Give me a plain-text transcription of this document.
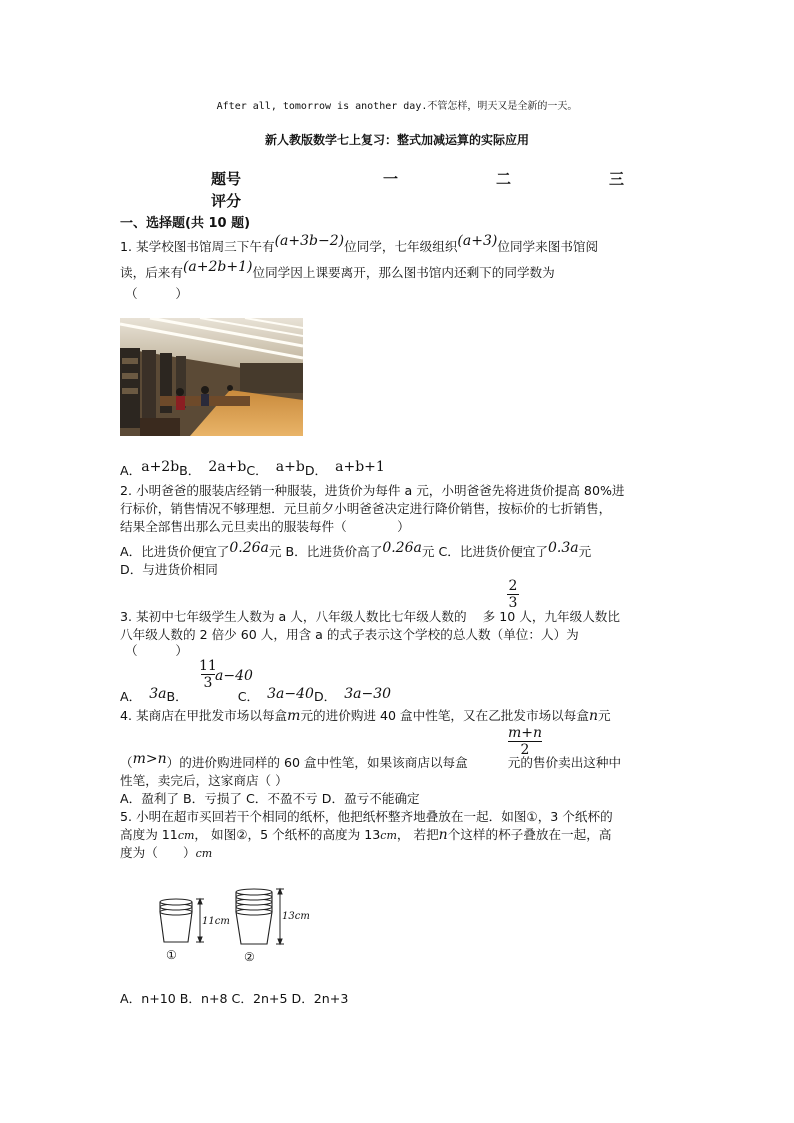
After all, tomorrow is another day.不管怎样，明天又是全新的一天。
新人教版数学七上复习：整式加减运算的实际应用
题号	一	二	三
评分
一、选择题(共 10 题)
1. 某学校图书馆周三下午有(a+3b−2)位同学，七年级组织(a+3)位同学来图书馆阅
读，后来有(a+2b+1)位同学因上课要离开，那么图书馆内还剩下的同学数为
（　　　）
A．a+2bB． 2a+bC． a+bD． a+b+1
2. 小明爸爸的服装店经销一种服装，进货价为每件 a 元，小明爸爸先将进货价提高 80%进
行标价，销售情况不够理想．元旦前夕小明爸爸决定进行降价销售，按标价的七折销售，
结果全部售出那么元旦卖出的服装每件（　　　　）
A．比进货价便宜了0.26a元 B．比进货价高了0.26a元 C．比进货价便宜了0.3a元
D．与进货价相同
2
3
3. 某初中七年级学生人数为 a 人，八年级人数比七年级人数的 多 10 人，九年级人数比
八年级人数的 2 倍少 60 人，用含 a 的式子表示这个学校的总人数（单位：人）为
（　　　）
11
3 a−40
A． 3aB．	C． 3a−40D． 3a−30
4. 某商店在甲批发市场以每盒m元的进价购进 40 盒中性笔，又在乙批发市场以每盒n元
m+n
2
（m>n）的进价购进同样的 60 盒中性笔，如果该商店以每盒	元的售价卖出这种中
性笔，卖完后，这家商店（ ）
A．盈利了 B．亏损了 C．不盈不亏 D．盈亏不能确定
5. 小明在超市买回若干个相同的纸杯，他把纸杯整齐地叠放在一起．如图①，3 个纸杯的
高度为 11cm， 如图②，5 个纸杯的高度为 13cm， 若把n个这样的杯子叠放在一起，高
度为（　　）cm
11cm
①
13cm
②
A．n+10 B．n+8 C．2n+5 D．2n+3
